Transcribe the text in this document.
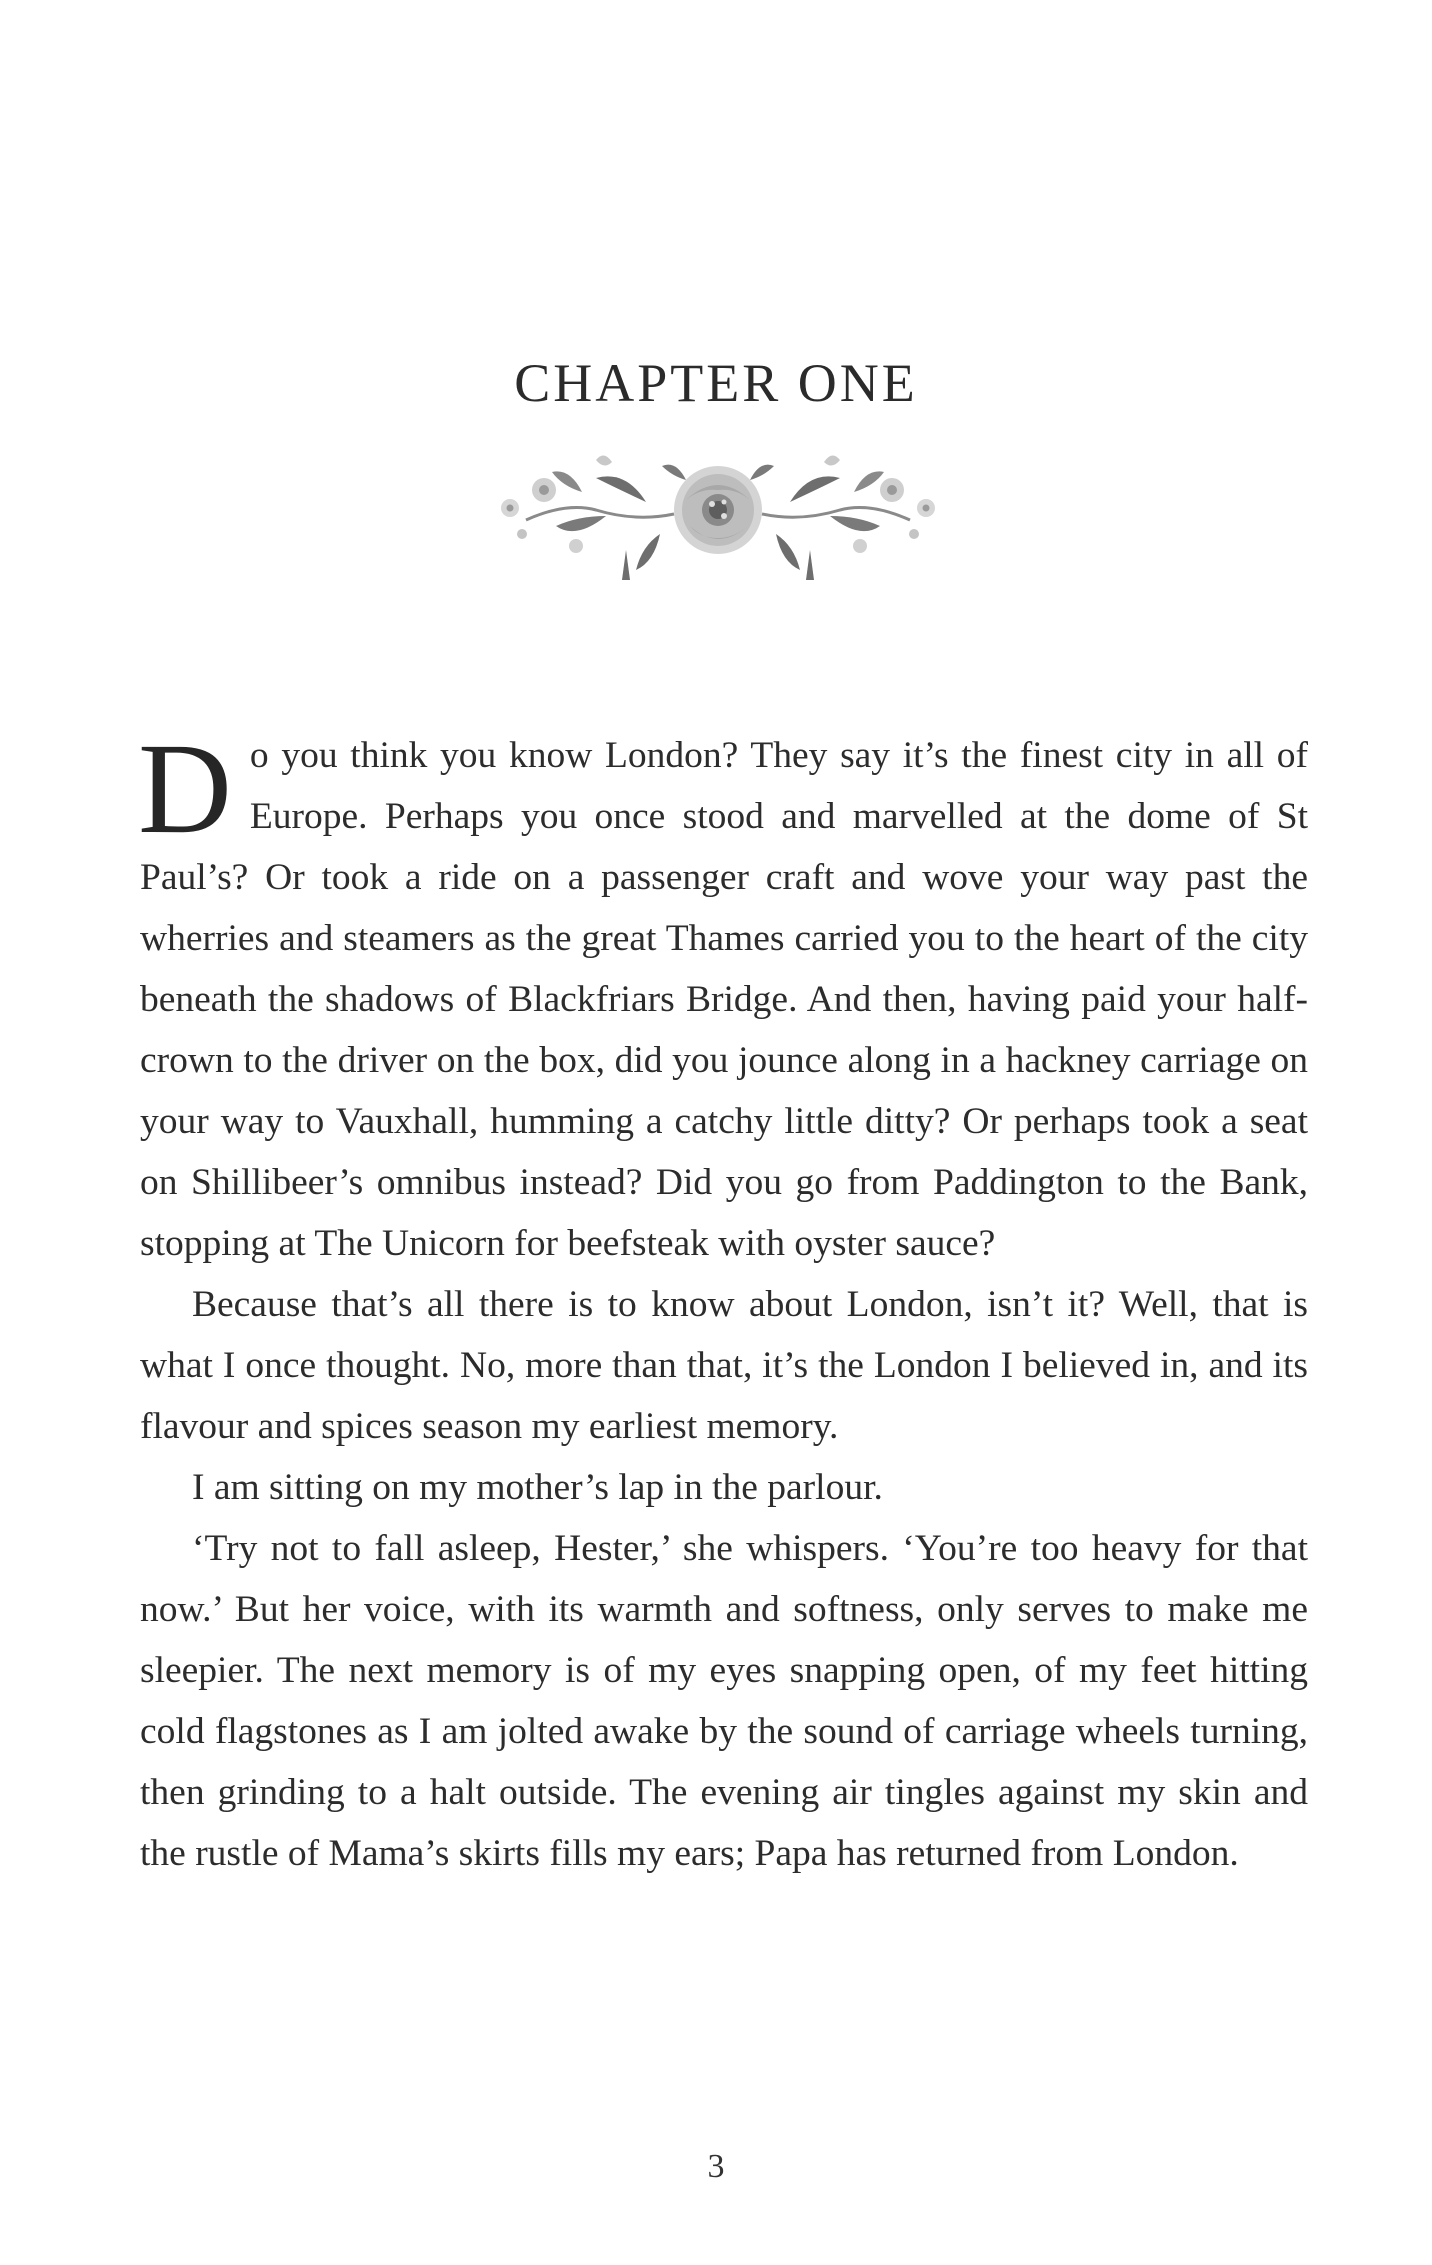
CHAPTER ONE

Do you think you know London? They say it’s the finest city in all of Europe. Perhaps you once stood and marvelled at the dome of St Paul’s? Or took a ride on a passenger craft and wove your way past the wherries and steamers as the great Thames carried you to the heart of the city beneath the shadows of Blackfriars Bridge. And then, having paid your half-crown to the driver on the box, did you jounce along in a hackney carriage on your way to Vauxhall, humming a catchy little ditty? Or perhaps took a seat on Shillibeer’s omnibus instead? Did you go from Paddington to the Bank, stopping at The Unicorn for beefsteak with oyster sauce?

Because that’s all there is to know about London, isn’t it? Well, that is what I once thought. No, more than that, it’s the London I believed in, and its flavour and spices season my earliest memory.

I am sitting on my mother’s lap in the parlour.

‘Try not to fall asleep, Hester,’ she whispers. ‘You’re too heavy for that now.’ But her voice, with its warmth and softness, only serves to make me sleepier. The next memory is of my eyes snapping open, of my feet hitting cold flagstones as I am jolted awake by the sound of carriage wheels turning, then grinding to a halt outside. The evening air tingles against my skin and the rustle of Mama’s skirts fills my ears; Papa has returned from London.

3
